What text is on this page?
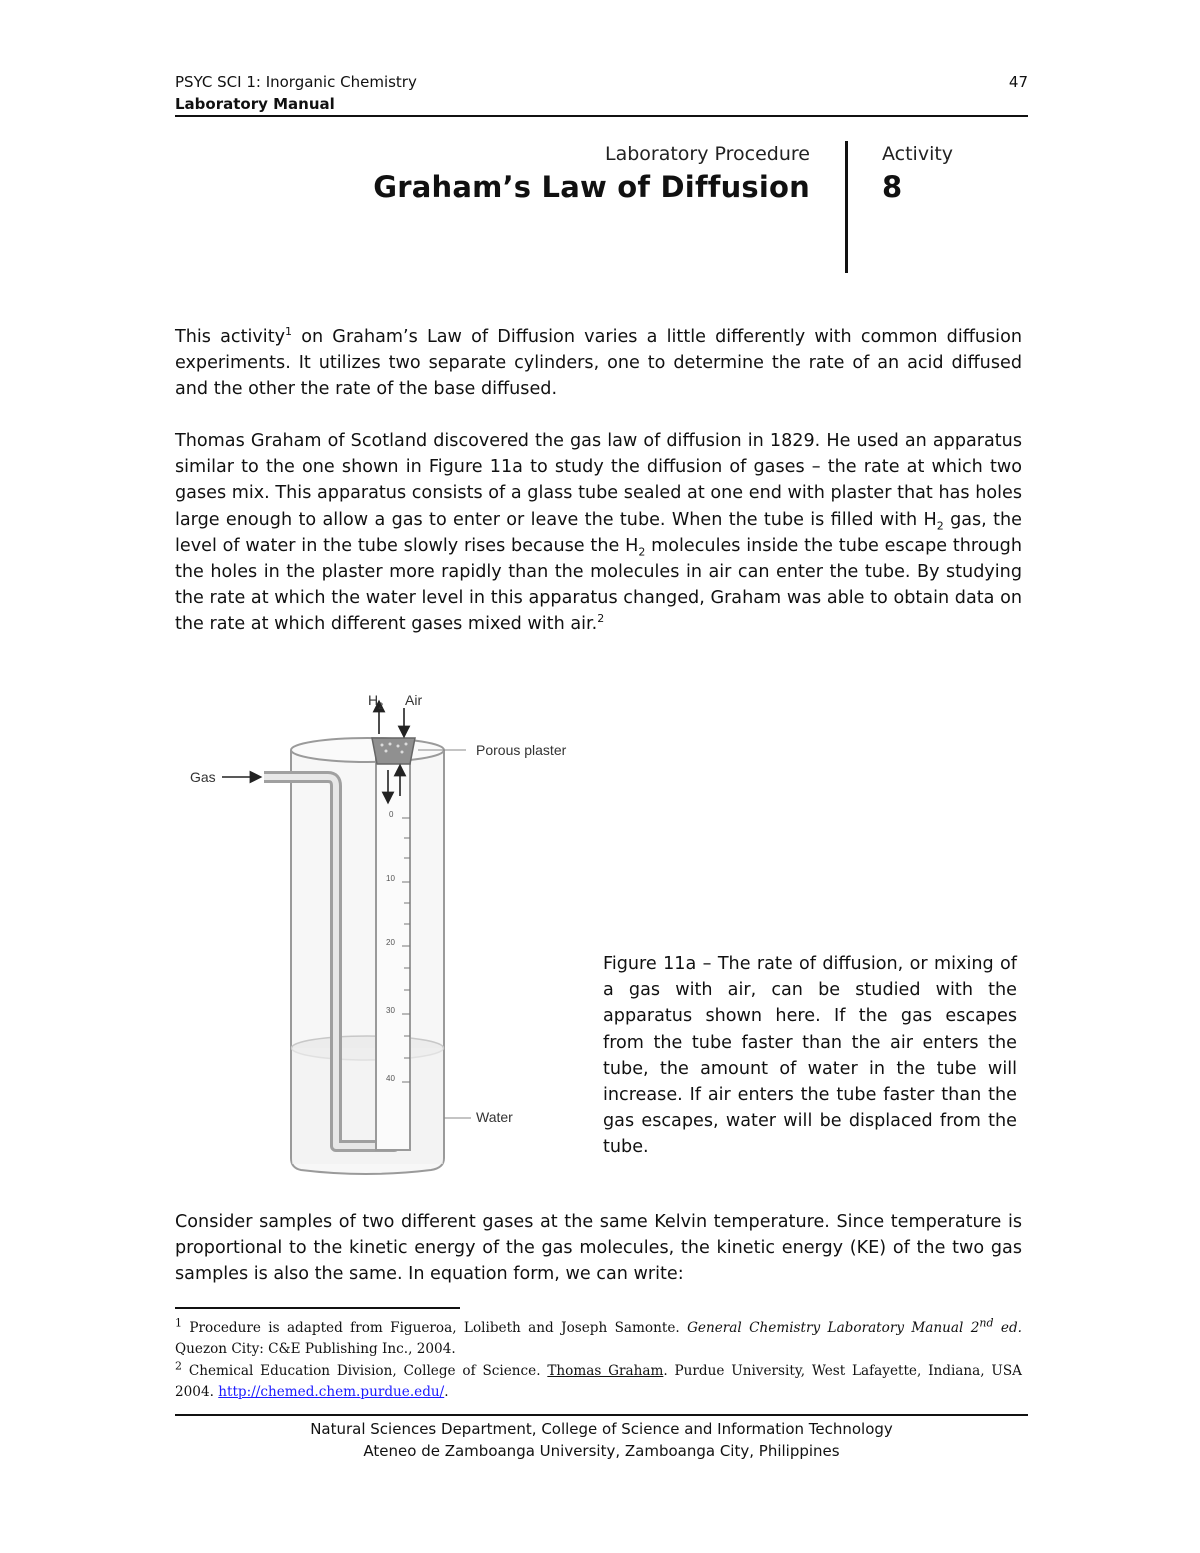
PSYC SCI 1: Inorganic Chemistry
Laboratory Manual
47
Laboratory Procedure
Graham’s Law of Diffusion
Activity
8

This activity$^1$ on Graham’s Law of Diffusion varies a little differently with common diffusion experiments. It utilizes two separate cylinders, one to determine the rate of an acid diffused and the other the rate of the base diffused.

Thomas Graham of Scotland discovered the gas law of diffusion in 1829. He used an apparatus similar to the one shown in Figure 11a to study the diffusion of gases – the rate at which two gases mix. This apparatus consists of a glass tube sealed at one end with plaster that has holes large enough to allow a gas to enter or leave the tube. When the tube is filled with $H_2$ gas, the level of water in the tube slowly rises because the $H_2$ molecules inside the tube escape through the holes in the plaster more rapidly than the molecules in air can enter the tube. By studying the rate at which the water level in this apparatus changed, Graham was able to obtain data on the rate at which different gases mixed with air.$^2$

0
10
20
30
40
$H_2$ Air
Porous plaster
Gas
Water

Figure 11a – The rate of diffusion, or mixing of a gas with air, can be studied with the apparatus shown here. If the gas escapes from the tube faster than the air enters the tube, the amount of water in the tube will increase. If air enters the tube faster than the gas escapes, water will be displaced from the tube.

Consider samples of two different gases at the same Kelvin temperature. Since temperature is proportional to the kinetic energy of the gas molecules, the kinetic energy (KE) of the two gas samples is also the same. In equation form, we can write:

$^1$ Procedure is adapted from Figueroa, Lolibeth and Joseph Samonte. General Chemistry Laboratory Manual 2nd ed. Quezon City: C&E Publishing Inc., 2004.

$^2$ Chemical Education Division, College of Science. Thomas Graham. Purdue University, West Lafayette, Indiana, USA 2004. http://chemed.chem.purdue.edu/.

Natural Sciences Department, College of Science and Information Technology
Ateneo de Zamboanga University, Zamboanga City, Philippines
